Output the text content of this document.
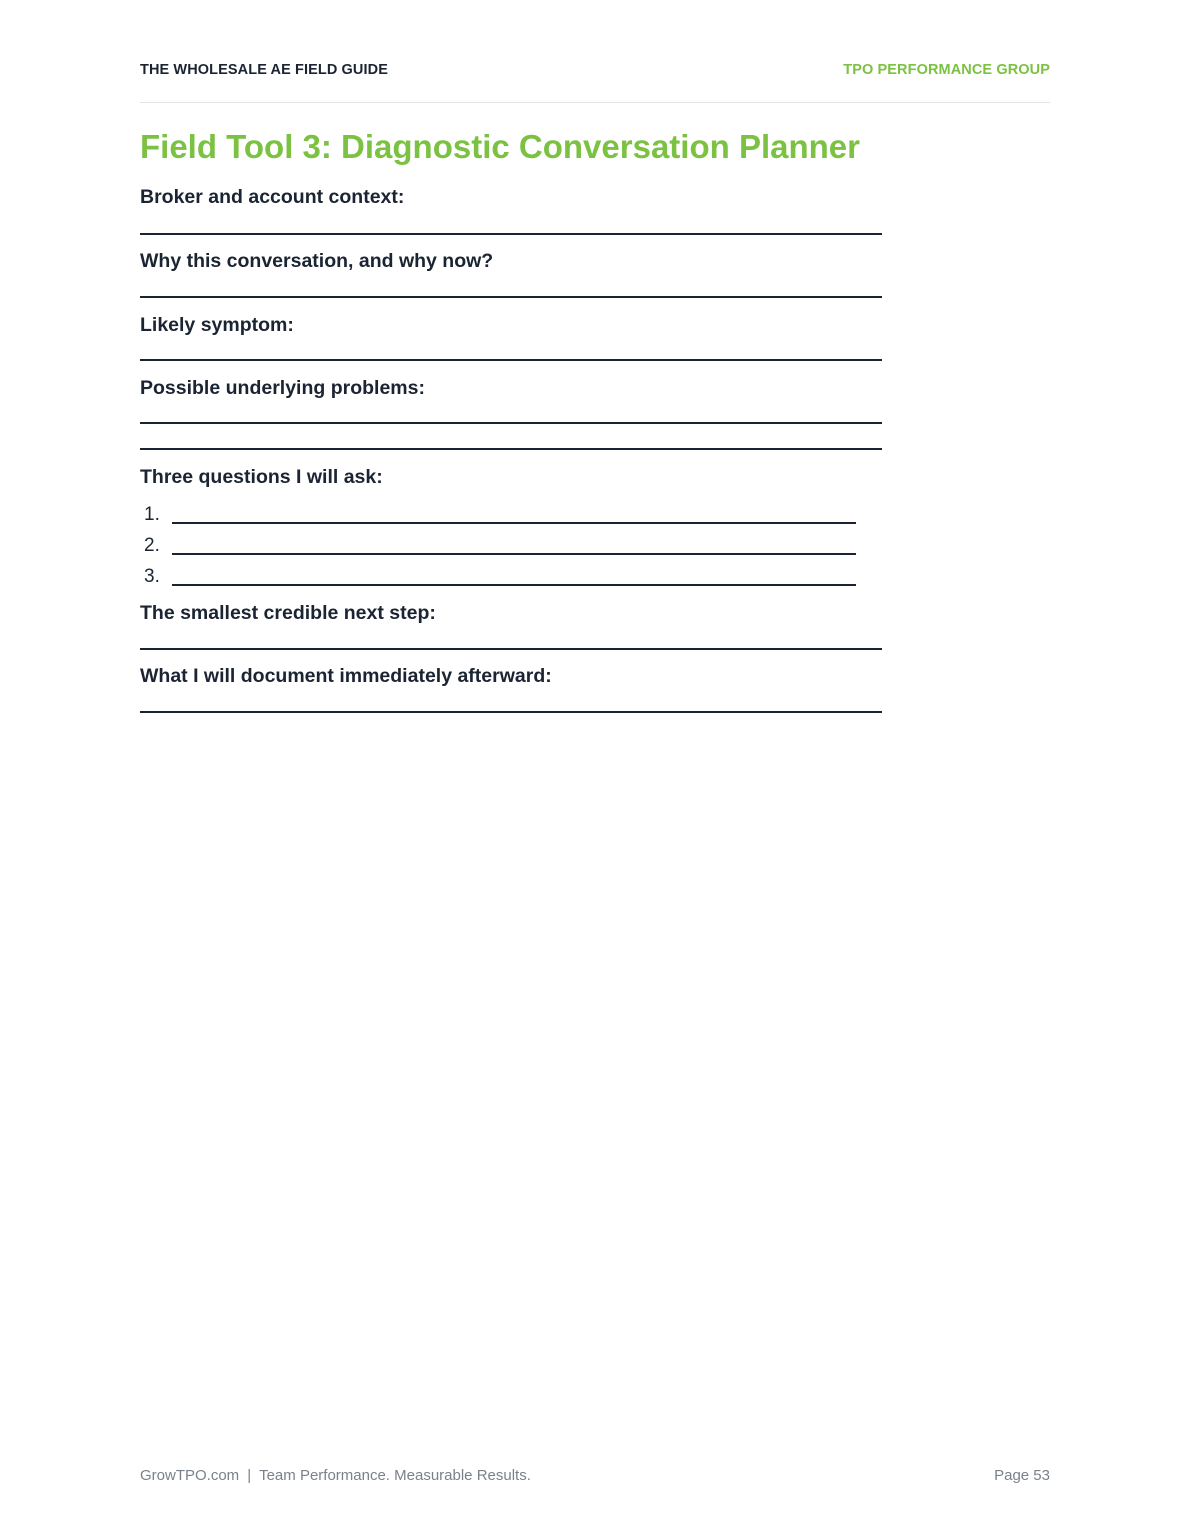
THE WHOLESALE AE FIELD GUIDE	TPO PERFORMANCE GROUP
Field Tool 3: Diagnostic Conversation Planner
Broker and account context:
Why this conversation, and why now?
Likely symptom:
Possible underlying problems:
Three questions I will ask:
1.
2.
3.
The smallest credible next step:
What I will document immediately afterward:
GrowTPO.com | Team Performance. Measurable Results.	Page 53
